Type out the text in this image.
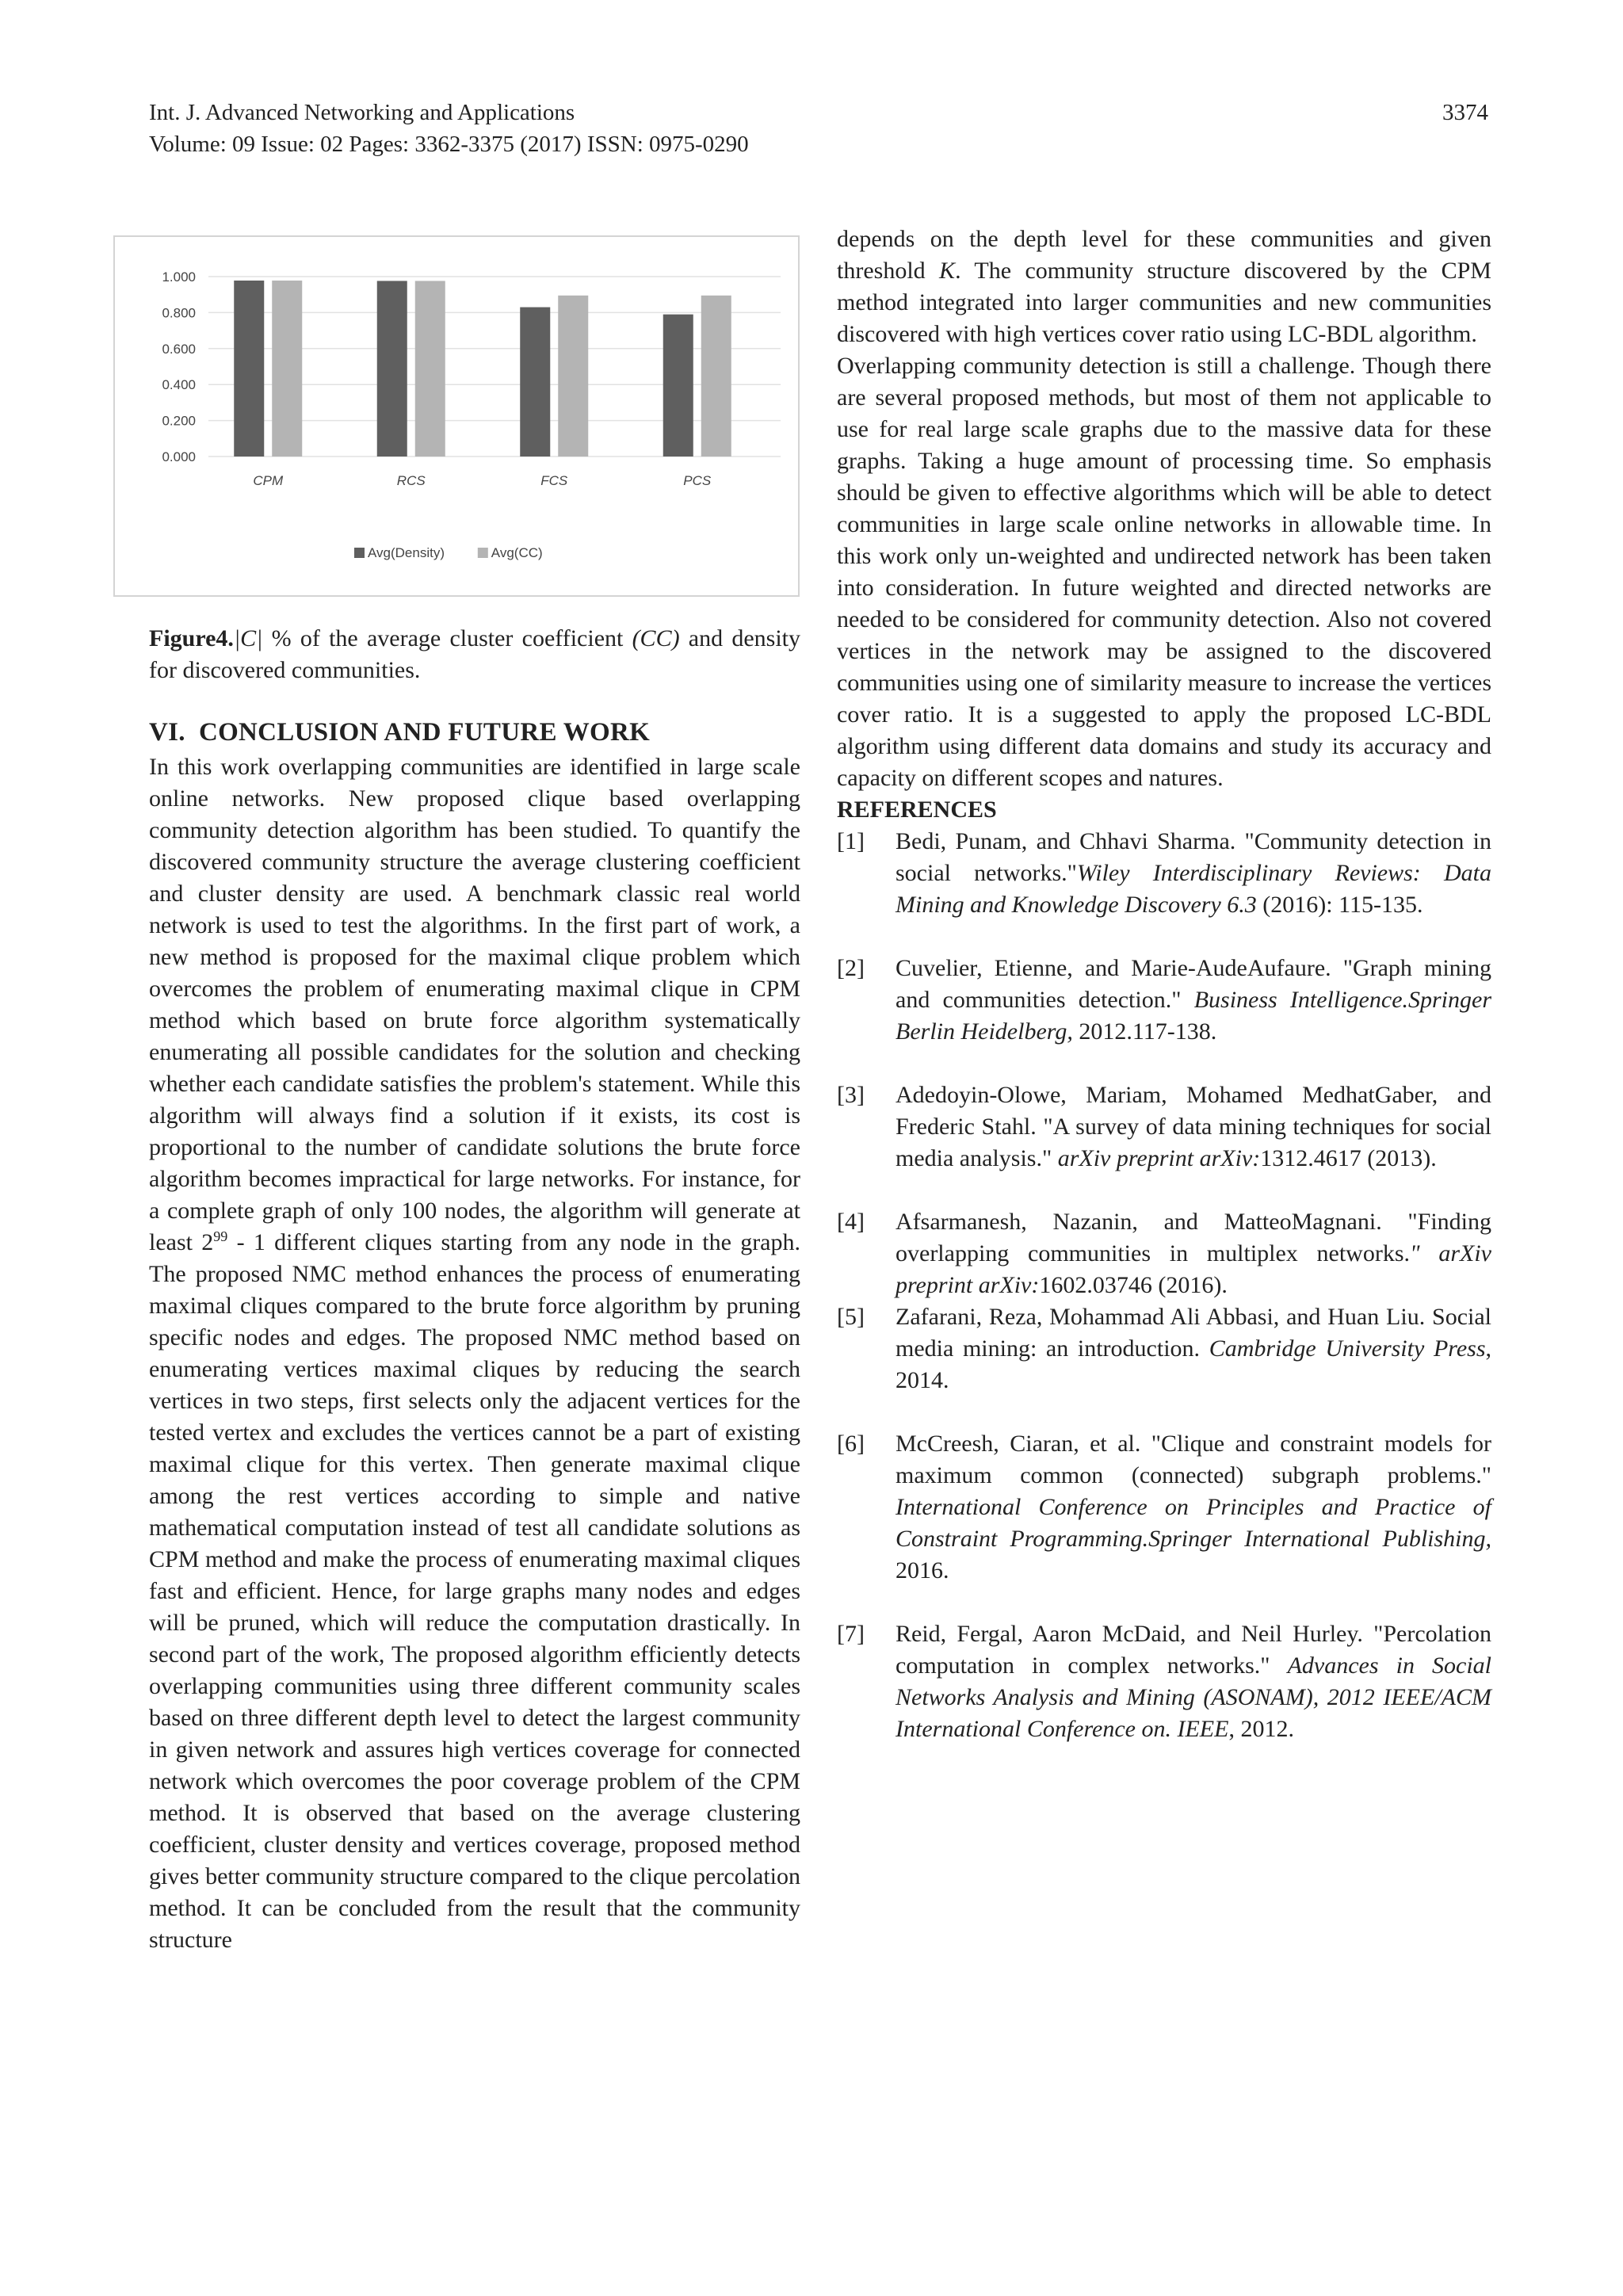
Int. J. Advanced Networking and Applications	3374
Volume: 09 Issue: 02 Pages: 3362-3375 (2017) ISSN: 0975-0290
1.000
0.800
0.600
0.400
0.200
0.000
CPM	RCS	FCS	PCS
Avg(Density)	Avg(CC)
Figure4.|C| % of the average cluster coefficient (CC) and density for discovered communities.
VI. CONCLUSION AND FUTURE WORK

In this work overlapping communities are identified in large scale online networks. New proposed clique based overlapping community detection algorithm has been studied. To quantify the discovered community structure the average clustering coefficient and cluster density are used. A benchmark classic real world network is used to test the algorithms. In the first part of work, a new method is proposed for the maximal clique problem which overcomes the problem of enumerating maximal clique in CPM method which based on brute force algorithm systematically enumerating all possible candidates for the solution and checking whether each candidate satisfies the problem's statement. While this algorithm will always find a solution if it exists, its cost is proportional to the number of candidate solutions the brute force algorithm becomes impractical for large networks. For instance, for a complete graph of only 100 nodes, the algorithm will generate at least $2^{99} - 1$ different cliques starting from any node in the graph. The proposed NMC method enhances the process of enumerating maximal cliques compared to the brute force algorithm by pruning specific nodes and edges. The proposed NMC method based on enumerating vertices maximal cliques by reducing the search vertices in two steps, first selects only the adjacent vertices for the tested vertex and excludes the vertices cannot be a part of existing maximal clique for this vertex. Then generate maximal clique among the rest vertices according to simple and native mathematical computation instead of test all candidate solutions as CPM method and make the process of enumerating maximal cliques fast and efficient. Hence, for large graphs many nodes and edges will be pruned, which will reduce the computation drastically. In second part of the work, The proposed algorithm efficiently detects overlapping communities using three different community scales based on three different depth level to detect the largest community in given network and assures high vertices coverage for connected network which overcomes the poor coverage problem of the CPM method. It is observed that based on the average clustering coefficient, cluster density and vertices coverage, proposed method gives better community structure compared to the clique percolation method. It can be concluded from the result that the community structure

depends on the depth level for these communities and given threshold K. The community structure discovered by the CPM method integrated into larger communities and new communities discovered with high vertices cover ratio using LC-BDL algorithm.

Overlapping community detection is still a challenge. Though there are several proposed methods, but most of them not applicable to use for real large scale graphs due to the massive data for these graphs. Taking a huge amount of processing time. So emphasis should be given to effective algorithms which will be able to detect communities in large scale online networks in allowable time. In this work only un-weighted and undirected network has been taken into consideration. In future weighted and directed networks are needed to be considered for community detection. Also not covered vertices in the network may be assigned to the discovered communities using one of similarity measure to increase the vertices cover ratio. It is a suggested to apply the proposed LC-BDL algorithm using different data domains and study its accuracy and capacity on different scopes and natures.

REFERENCES

[1]	Bedi, Punam, and Chhavi Sharma. "Community detection in social networks."Wiley Interdisciplinary Reviews: Data Mining and Knowledge Discovery 6.3 (2016): 115-135.
[2]	Cuvelier, Etienne, and Marie-AudeAufaure. "Graph mining and communities detection." Business Intelligence.Springer Berlin Heidelberg, 2012.117-138.
[3]	Adedoyin-Olowe, Mariam, Mohamed MedhatGaber, and Frederic Stahl. "A survey of data mining techniques for social media analysis." arXiv preprint arXiv:1312.4617 (2013).
[4]	Afsarmanesh, Nazanin, and MatteoMagnani. "Finding overlapping communities in multiplex networks." arXiv preprint arXiv:1602.03746 (2016).
[5]	Zafarani, Reza, Mohammad Ali Abbasi, and Huan Liu. Social media mining: an introduction. Cambridge University Press, 2014.
[6]	McCreesh, Ciaran, et al. "Clique and constraint models for maximum common (connected) subgraph problems." International Conference on Principles and Practice of Constraint Programming.Springer International Publishing, 2016.
[7]	Reid, Fergal, Aaron McDaid, and Neil Hurley. "Percolation computation in complex networks." Advances in Social Networks Analysis and Mining (ASONAM), 2012 IEEE/ACM International Conference on. IEEE, 2012.
